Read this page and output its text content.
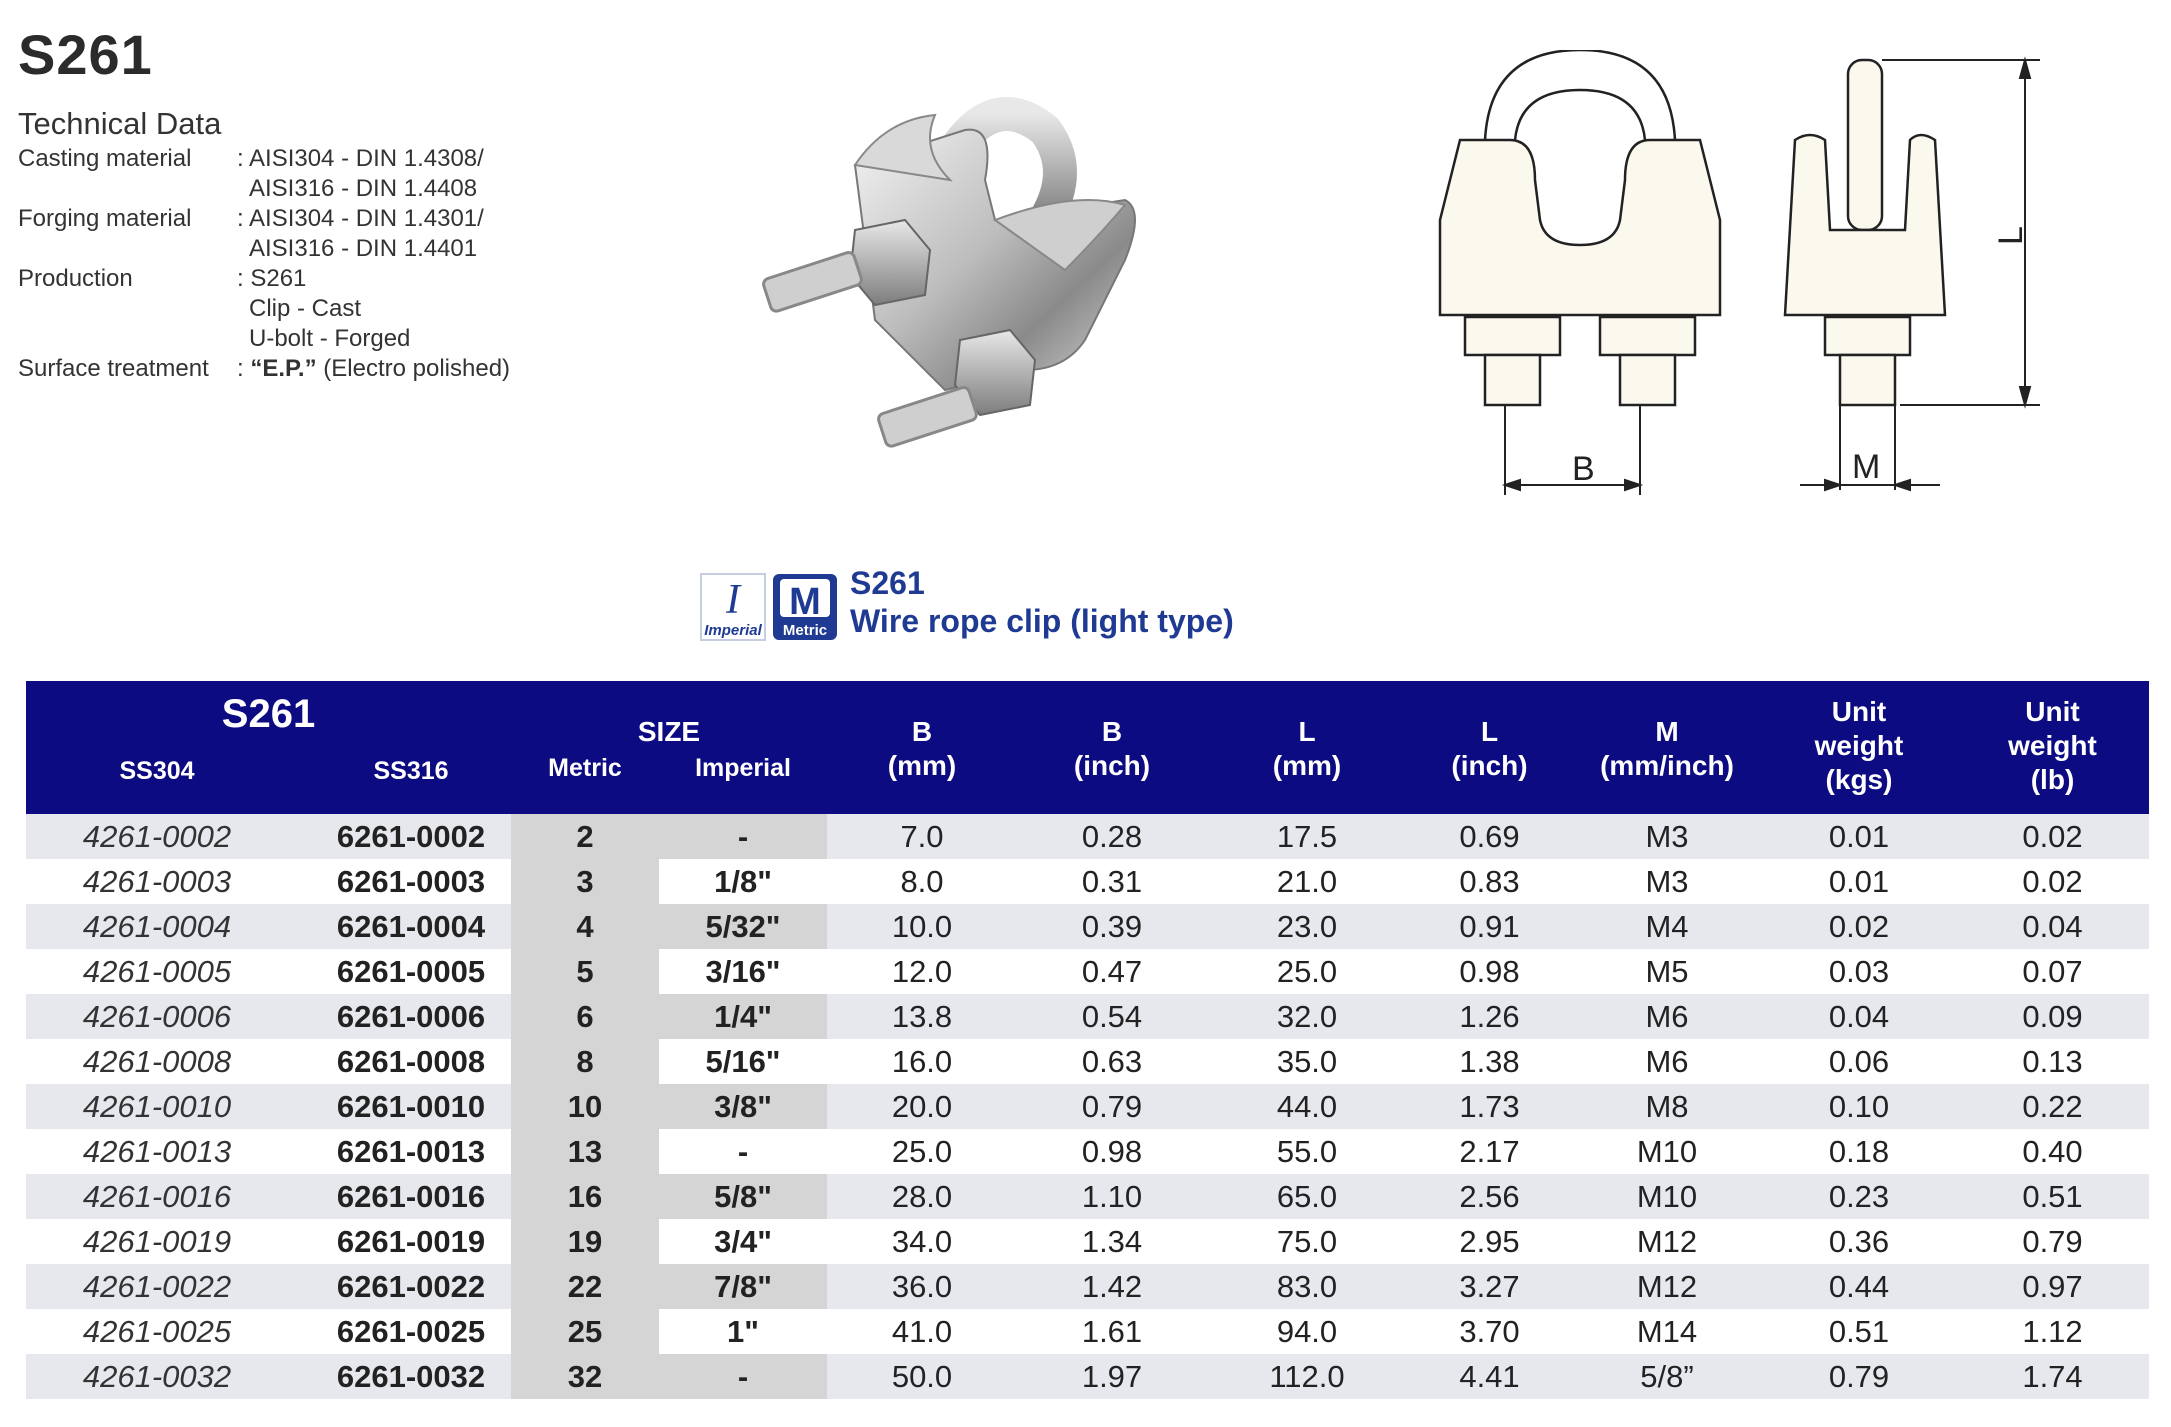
S261
Technical Data
Casting material	: AISI304 - DIN 1.4308/
AISI316 - DIN 1.4408
Forging material	: AISI304 - DIN 1.4301/
AISI316 - DIN 1.4401
Production	: S261
Clip - Cast
U-bolt - Forged
Surface treatment	: “E.P.” (Electro polished)
B
L
M
I
Imperial
M
Metric
S261
Wire rope clip (light type)
S261
SS304	SS316
SIZE
Metric	Imperial
B
(mm)
B
(inch)
L
(mm)
L
(inch)
M
(mm/inch)
Unit
weight
(kgs)
Unit
weight
(lb)
4261-0002	6261-0002	2	-	7.0	0.28	17.5	0.69	M3	0.01	0.02
4261-0003	6261-0003	3	1/8"	8.0	0.31	21.0	0.83	M3	0.01	0.02
4261-0004	6261-0004	4	5/32"	10.0	0.39	23.0	0.91	M4	0.02	0.04
4261-0005	6261-0005	5	3/16"	12.0	0.47	25.0	0.98	M5	0.03	0.07
4261-0006	6261-0006	6	1/4"	13.8	0.54	32.0	1.26	M6	0.04	0.09
4261-0008	6261-0008	8	5/16"	16.0	0.63	35.0	1.38	M6	0.06	0.13
4261-0010	6261-0010	10	3/8"	20.0	0.79	44.0	1.73	M8	0.10	0.22
4261-0013	6261-0013	13	-	25.0	0.98	55.0	2.17	M10	0.18	0.40
4261-0016	6261-0016	16	5/8"	28.0	1.10	65.0	2.56	M10	0.23	0.51
4261-0019	6261-0019	19	3/4"	34.0	1.34	75.0	2.95	M12	0.36	0.79
4261-0022	6261-0022	22	7/8"	36.0	1.42	83.0	3.27	M12	0.44	0.97
4261-0025	6261-0025	25	1"	41.0	1.61	94.0	3.70	M14	0.51	1.12
4261-0032	6261-0032	32	-	50.0	1.97	112.0	4.41	5/8”	0.79	1.74
